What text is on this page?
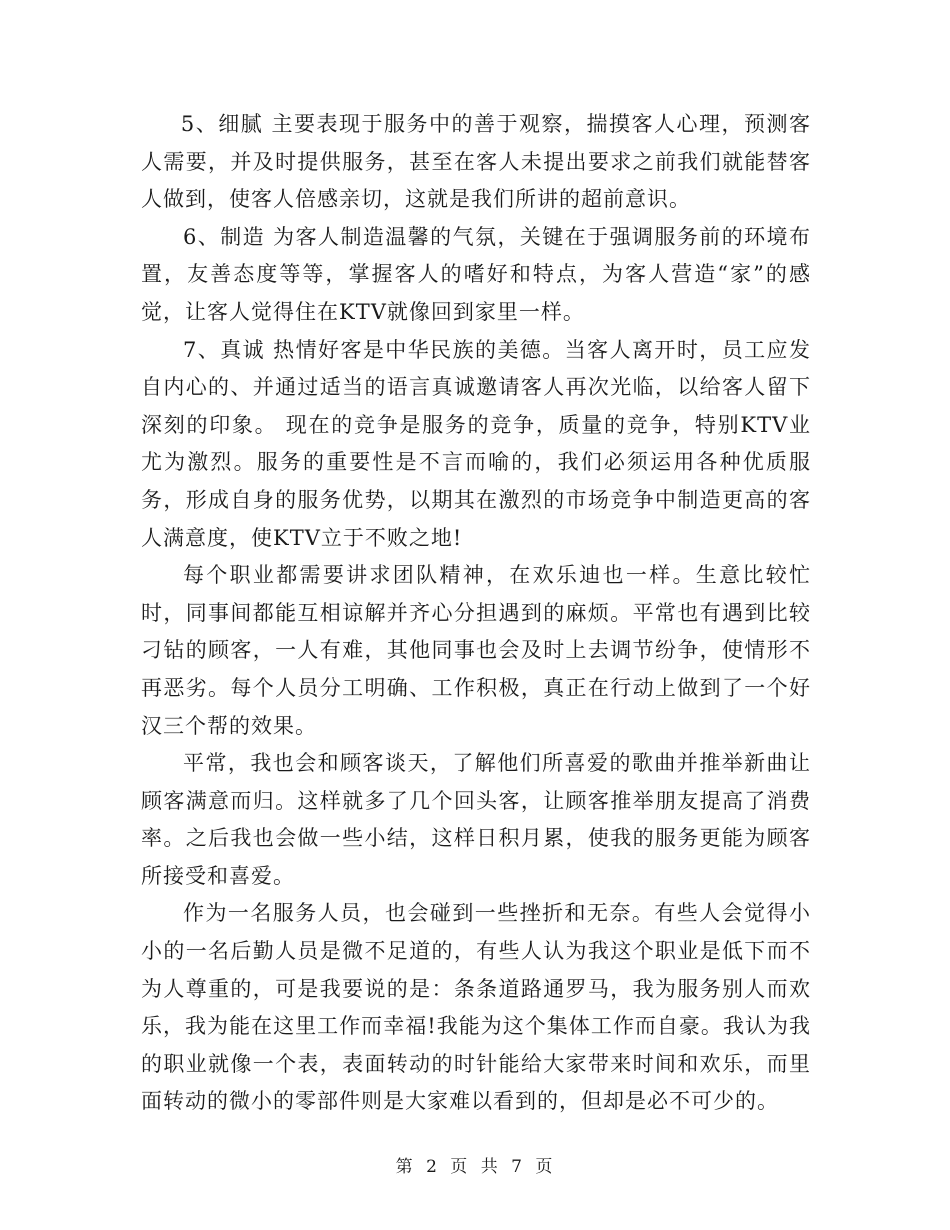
5、细腻 主要表现于服务中的善于观察，揣摸客人心理，预测客人需要，并及时提供服务，甚至在客人未提出要求之前我们就能替客人做到，使客人倍感亲切，这就是我们所讲的超前意识。

6、制造 为客人制造温馨的气氛，关键在于强调服务前的环境布置，友善态度等等，掌握客人的嗜好和特点，为客人营造“家”的感觉，让客人觉得住在KTV就像回到家里一样。

7、真诚 热情好客是中华民族的美德。当客人离开时，员工应发自内心的、并通过适当的语言真诚邀请客人再次光临，以给客人留下深刻的印象。 现在的竞争是服务的竞争，质量的竞争，特别KTV业尤为激烈。服务的重要性是不言而喻的，我们必须运用各种优质服务，形成自身的服务优势，以期其在激烈的市场竞争中制造更高的客人满意度，使KTV立于不败之地!

每个职业都需要讲求团队精神，在欢乐迪也一样。生意比较忙时，同事间都能互相谅解并齐心分担遇到的麻烦。平常也有遇到比较刁钻的顾客，一人有难，其他同事也会及时上去调节纷争，使情形不再恶劣。每个人员分工明确、工作积极，真正在行动上做到了一个好汉三个帮的效果。

平常，我也会和顾客谈天，了解他们所喜爱的歌曲并推举新曲让顾客满意而归。这样就多了几个回头客，让顾客推举朋友提高了消费率。之后我也会做一些小结，这样日积月累，使我的服务更能为顾客所接受和喜爱。

作为一名服务人员，也会碰到一些挫折和无奈。有些人会觉得小小的一名后勤人员是微不足道的，有些人认为我这个职业是低下而不为人尊重的，可是我要说的是：条条道路通罗马，我为服务别人而欢乐，我为能在这里工作而幸福!我能为这个集体工作而自豪。我认为我的职业就像一个表，表面转动的时针能给大家带来时间和欢乐，而里面转动的微小的零部件则是大家难以看到的，但却是必不可少的。

第 2 页 共 7 页
